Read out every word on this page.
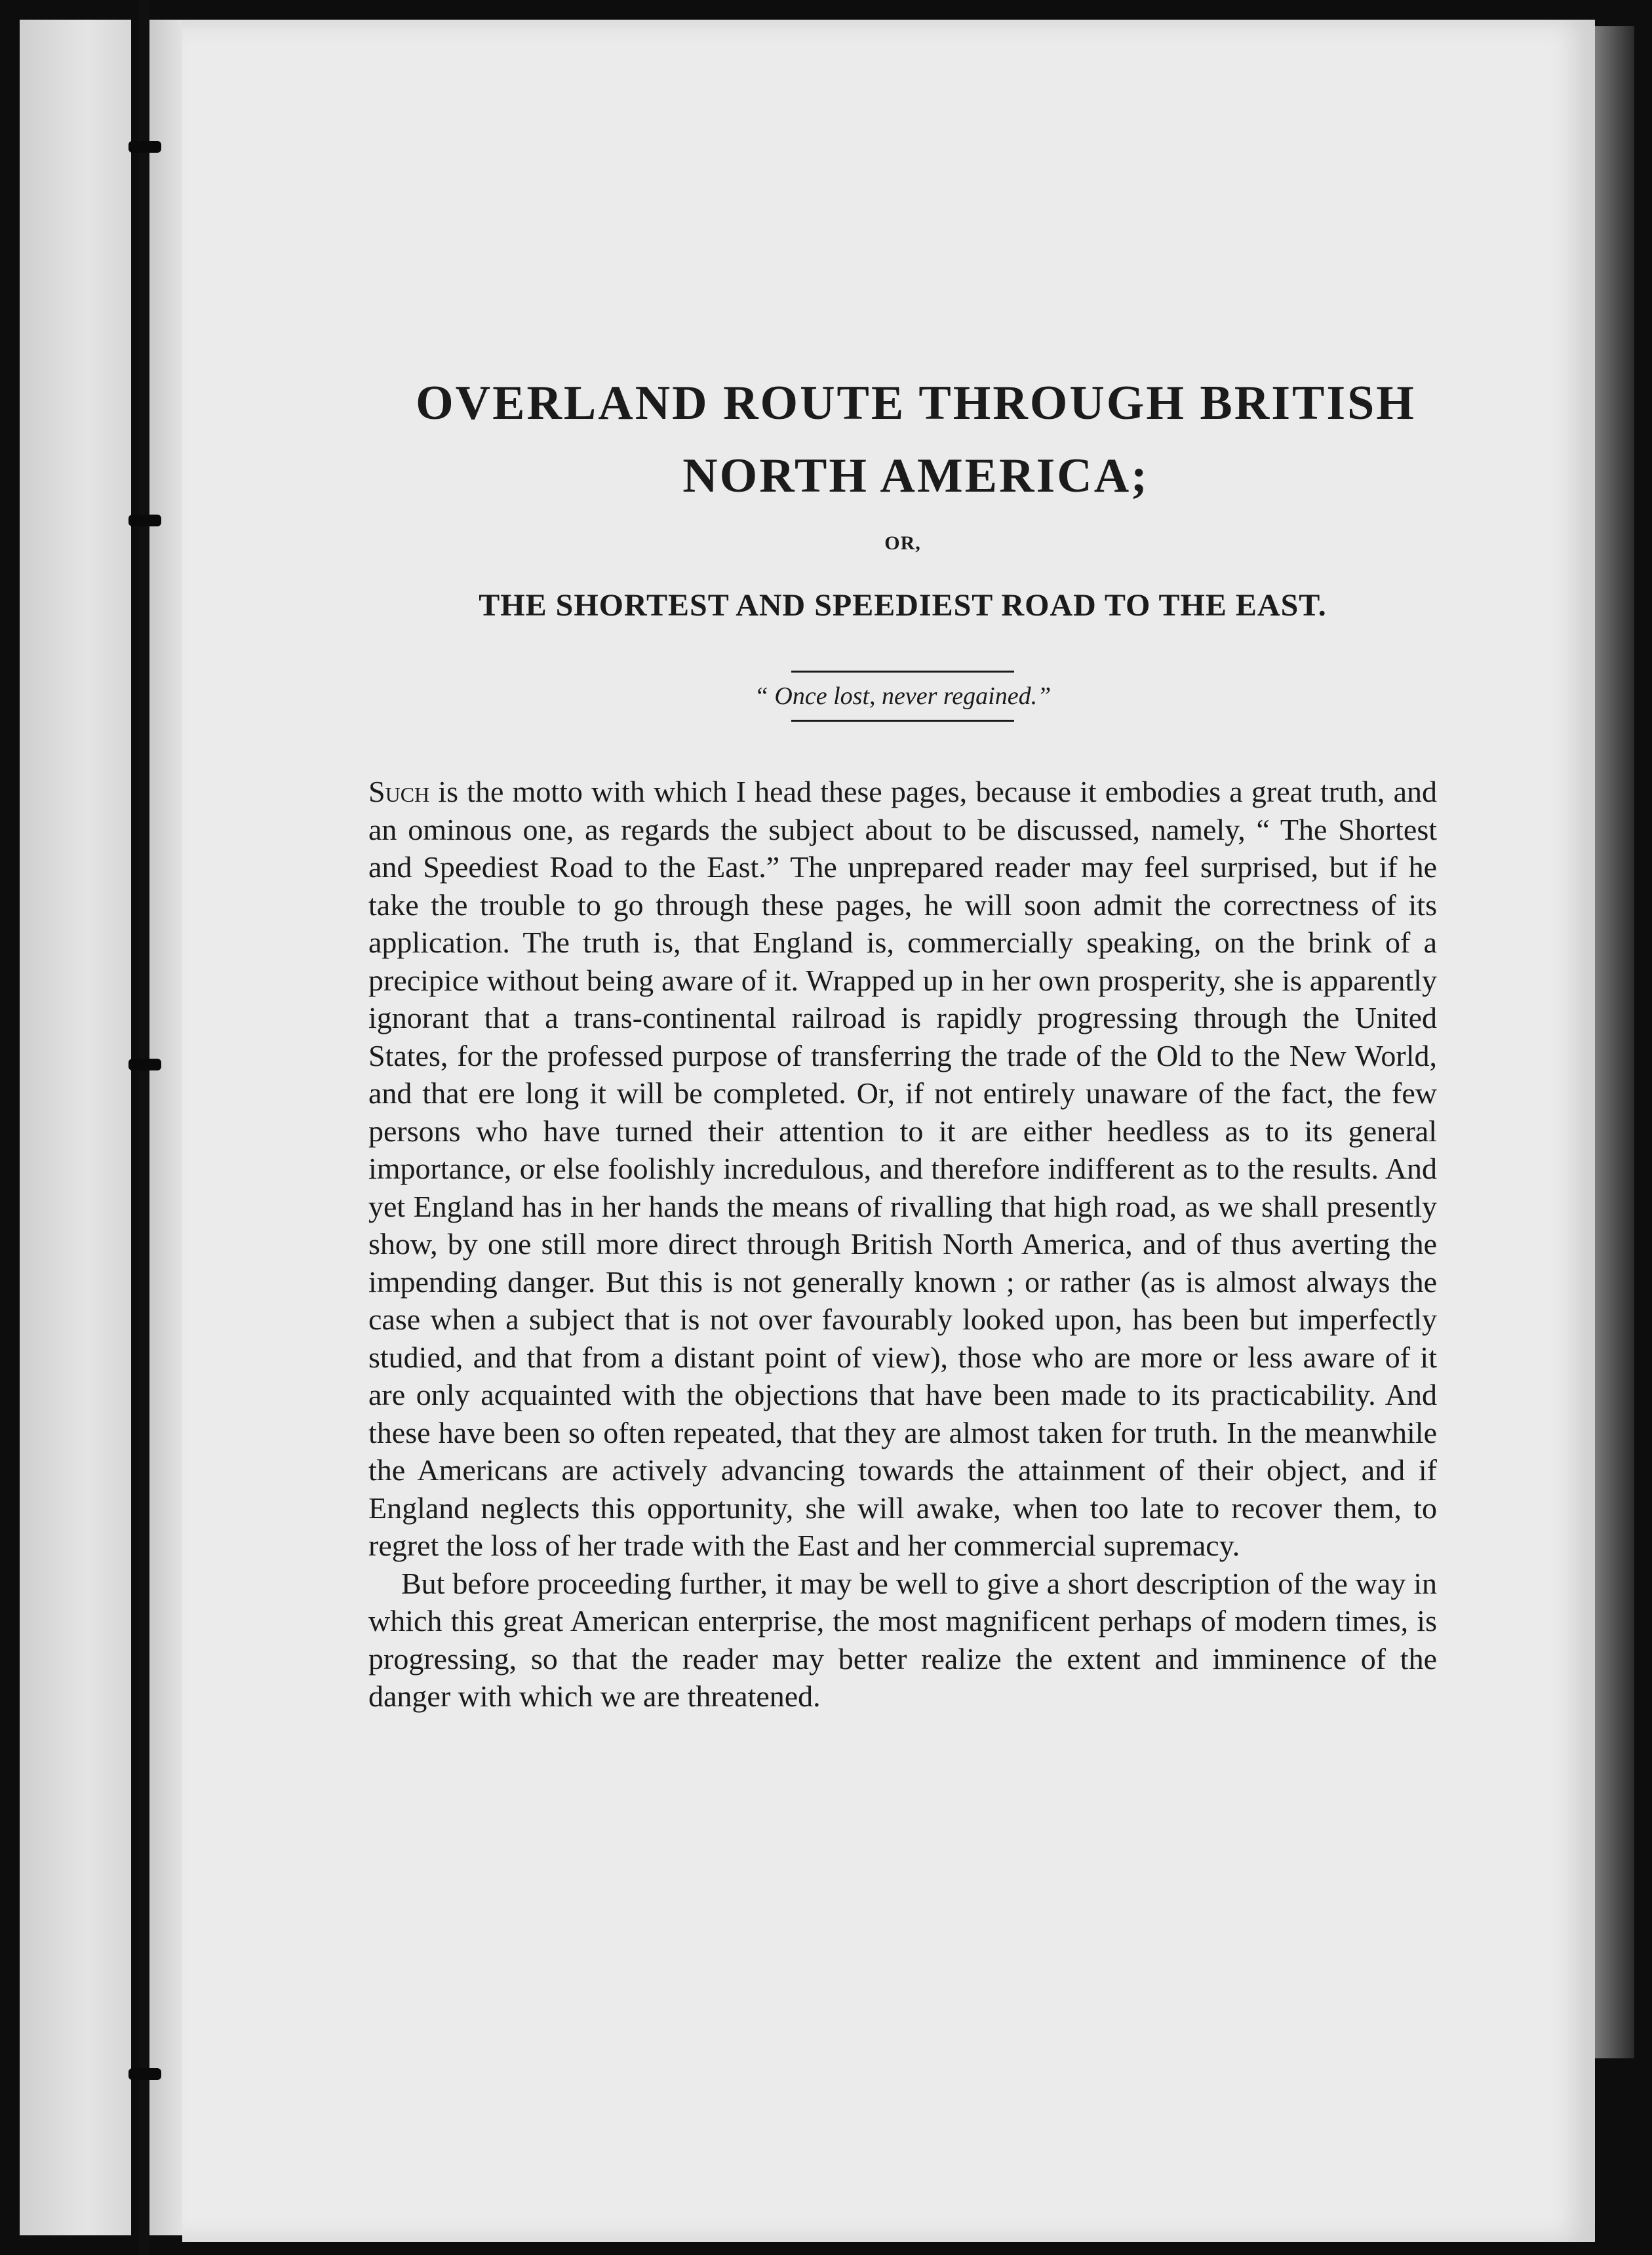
OVERLAND ROUTE THROUGH BRITISH
NORTH AMERICA;
OR,
THE SHORTEST AND SPEEDIEST ROAD TO THE EAST.
“ Once lost, never regained.”

Such is the motto with which I head these pages, because it embodies a great truth, and an ominous one, as regards the subject about to be discussed, namely, “ The Shortest and Speediest Road to the East.” The unprepared reader may feel surprised, but if he take the trouble to go through these pages, he will soon admit the correctness of its application. The truth is, that England is, commercially speaking, on the brink of a precipice without being aware of it. Wrapped up in her own prosperity, she is apparently ignorant that a trans-continental railroad is rapidly progressing through the United States, for the professed purpose of transferring the trade of the Old to the New World, and that ere long it will be completed. Or, if not entirely unaware of the fact, the few persons who have turned their attention to it are either heedless as to its general importance, or else foolishly incredulous, and therefore indifferent as to the results. And yet England has in her hands the means of rivalling that high road, as we shall presently show, by one still more direct through British North America, and of thus averting the impending danger. But this is not generally known ; or rather (as is almost always the case when a subject that is not over favourably looked upon, has been but imperfectly studied, and that from a distant point of view), those who are more or less aware of it are only acquainted with the objections that have been made to its practicability. And these have been so often repeated, that they are almost taken for truth. In the meanwhile the Americans are actively advancing towards the attainment of their object, and if England neglects this opportunity, she will awake, when too late to recover them, to regret the loss of her trade with the East and her commercial supremacy.

But before proceeding further, it may be well to give a short description of the way in which this great American enterprise, the most magnificent perhaps of modern times, is progressing, so that the reader may better realize the extent and imminence of the danger with which we are threatened.
